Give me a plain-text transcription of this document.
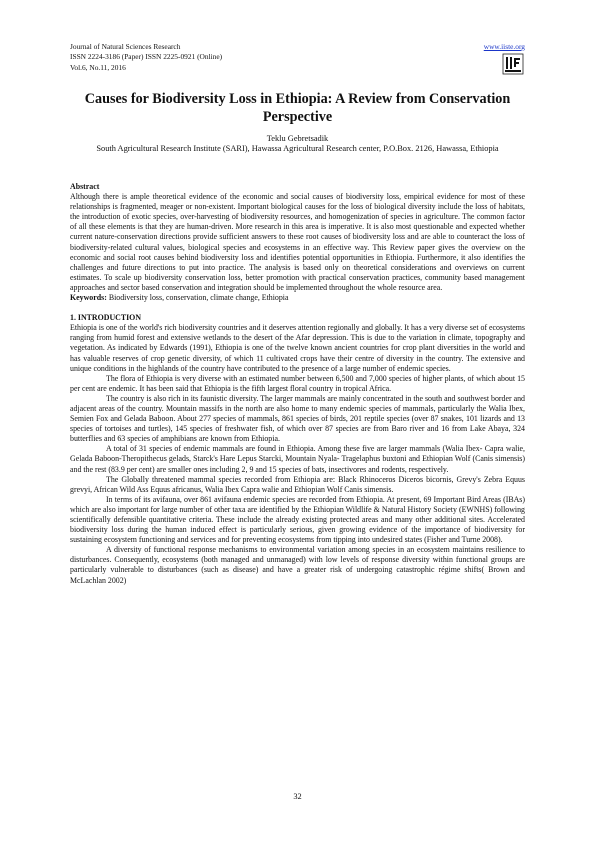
Journal of Natural Sciences Research
ISSN 2224-3186 (Paper) ISSN 2225-0921 (Online)
Vol.6, No.11, 2016
www.iiste.org
Causes for Biodiversity Loss in Ethiopia: A Review from Conservation Perspective
Teklu Gebretsadik
South Agricultural Research Institute (SARI), Hawassa Agricultural Research center, P.O.Box. 2126, Hawassa, Ethiopia

Abstract

Although there is ample theoretical evidence of the economic and social causes of biodiversity loss, empirical evidence for most of these relationships is fragmented, meager or non-existent. Important biological causes for the loss of biological diversity include the loss of habitats, the introduction of exotic species, over-harvesting of biodiversity resources, and homogenization of species in agriculture. The common factor of all these elements is that they are human-driven. More research in this area is imperative. It is also most questionable and expected whether current nature-conservation directions provide sufficient answers to these root causes of biodiversity loss and are able to counteract the loss of biodiversity-related cultural values, biological species and ecosystems in an effective way. This Review paper gives the overview on the economic and social root causes behind biodiversity loss and identifies potential opportunities in Ethiopia. Furthermore, it also identifies the challenges and future directions to put into practice. The analysis is based only on theoretical considerations and overviews on current estimates. To scale up biodiversity conservation loss, better promotion with practical conservation practices, community based management approaches and sector based conservation and integration should be implemented throughout the whole resource area.

Keywords: Biodiversity loss, conservation, climate change, Ethiopia

1. INTRODUCTION

Ethiopia is one of the world's rich biodiversity countries and it deserves attention regionally and globally. It has a very diverse set of ecosystems ranging from humid forest and extensive wetlands to the desert of the Afar depression. This is due to the variation in climate, topography and vegetation. As indicated by Edwards (1991), Ethiopia is one of the twelve known ancient countries for crop plant diversities in the world and has valuable reserves of crop genetic diversity, of which 11 cultivated crops have their centre of diversity in the country. The extensive and unique conditions in the highlands of the country have contributed to the presence of a large number of endemic species.

The flora of Ethiopia is very diverse with an estimated number between 6,500 and 7,000 species of higher plants, of which about 15 per cent are endemic. It has been said that Ethiopia is the fifth largest floral country in tropical Africa.

The country is also rich in its faunistic diversity. The larger mammals are mainly concentrated in the south and southwest border and adjacent areas of the country. Mountain massifs in the north are also home to many endemic species of mammals, particularly the Walia Ibex, Semien Fox and Gelada Baboon. About 277 species of mammals, 861 species of birds, 201 reptile species (over 87 snakes, 101 lizards and 13 species of tortoises and turtles), 145 species of freshwater fish, of which over 87 species are from Baro river and 16 from Lake Abaya, 324 butterflies and 63 species of amphibians are known from Ethiopia.

A total of 31 species of endemic mammals are found in Ethiopia. Among these five are larger mammals (Walia Ibex- Capra walie, Gelada Baboon-Theropithecus gelads, Starck's Hare Lepus Starcki, Mountain Nyala- Tragelaphus buxtoni and Ethiopian Wolf (Canis simensis) and the rest (83.9 per cent) are smaller ones including 2, 9 and 15 species of bats, insectivores and rodents, respectively.

The Globally threatened mammal species recorded from Ethiopia are: Black Rhinoceros Diceros bicornis, Grevy's Zebra Equus grevyi, African Wild Ass Equus africanus, Walia Ibex Capra walie and Ethiopian Wolf Canis simensis.

In terms of its avifauna, over 861 avifauna endemic species are recorded from Ethiopia. At present, 69 Important Bird Areas (IBAs) which are also important for large number of other taxa are identified by the Ethiopian Wildlife & Natural History Society (EWNHS) following scientifically defensible quantitative criteria. These include the already existing protected areas and many other additional sites. Accelerated biodiversity loss during the human induced effect is particularly serious, given growing evidence of the importance of biodiversity for sustaining ecosystem functioning and services and for preventing ecosystems from tipping into undesired states (Fisher and Turne 2008).

A diversity of functional response mechanisms to environmental variation among species in an ecosystem maintains resilience to disturbances. Consequently, ecosystems (both managed and unmanaged) with low levels of response diversity within functional groups are particularly vulnerable to disturbances (such as disease) and have a greater risk of undergoing catastrophic régime shifts( Brown and McLachlan 2002)

32
